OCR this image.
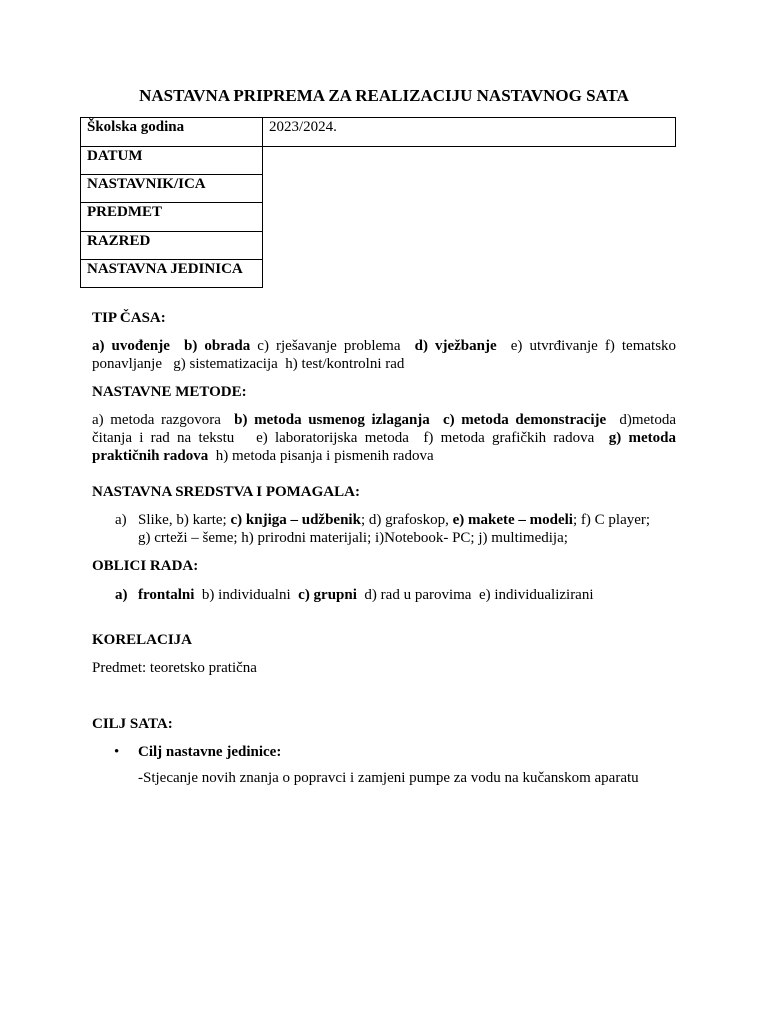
NASTAVNA PRIPREMA ZA REALIZACIJU NASTAVNOG SATA
Školska godina	2023/2024.
DATUM
NASTAVNIK/ICA
PREDMET
RAZRED
NASTAVNA JEDINICA
TIP ČASA:
a) uvođenje b) obrada c) rješavanje problema d) vježbanje e) utvrđivanje f) tematsko ponavljanje g) sistematizacija h) test/kontrolni rad
NASTAVNE METODE:
a) metoda razgovora b) metoda usmenog izlaganja c) metoda demonstracije d)metoda čitanja i rad na tekstu e) laboratorijska metoda f) metoda grafičkih radova g) metoda praktičnih radova h) metoda pisanja i pismenih radova
NASTAVNA SREDSTVA I POMAGALA:
a) Slike, b) karte; c) knjiga – udžbenik; d) grafoskop, e) makete – modeli; f) C player;
g) crteži – šeme; h) prirodni materijali; i)Notebook- PC; j) multimedija;
OBLICI RADA:
a) frontalni b) individualni c) grupni d) rad u parovima e) individualizirani
KORELACIJA
Predmet: teoretsko pratična
CILJ SATA:
• Cilj nastavne jedinice:
-Stjecanje novih znanja o popravci i zamjeni pumpe za vodu na kučanskom aparatu
